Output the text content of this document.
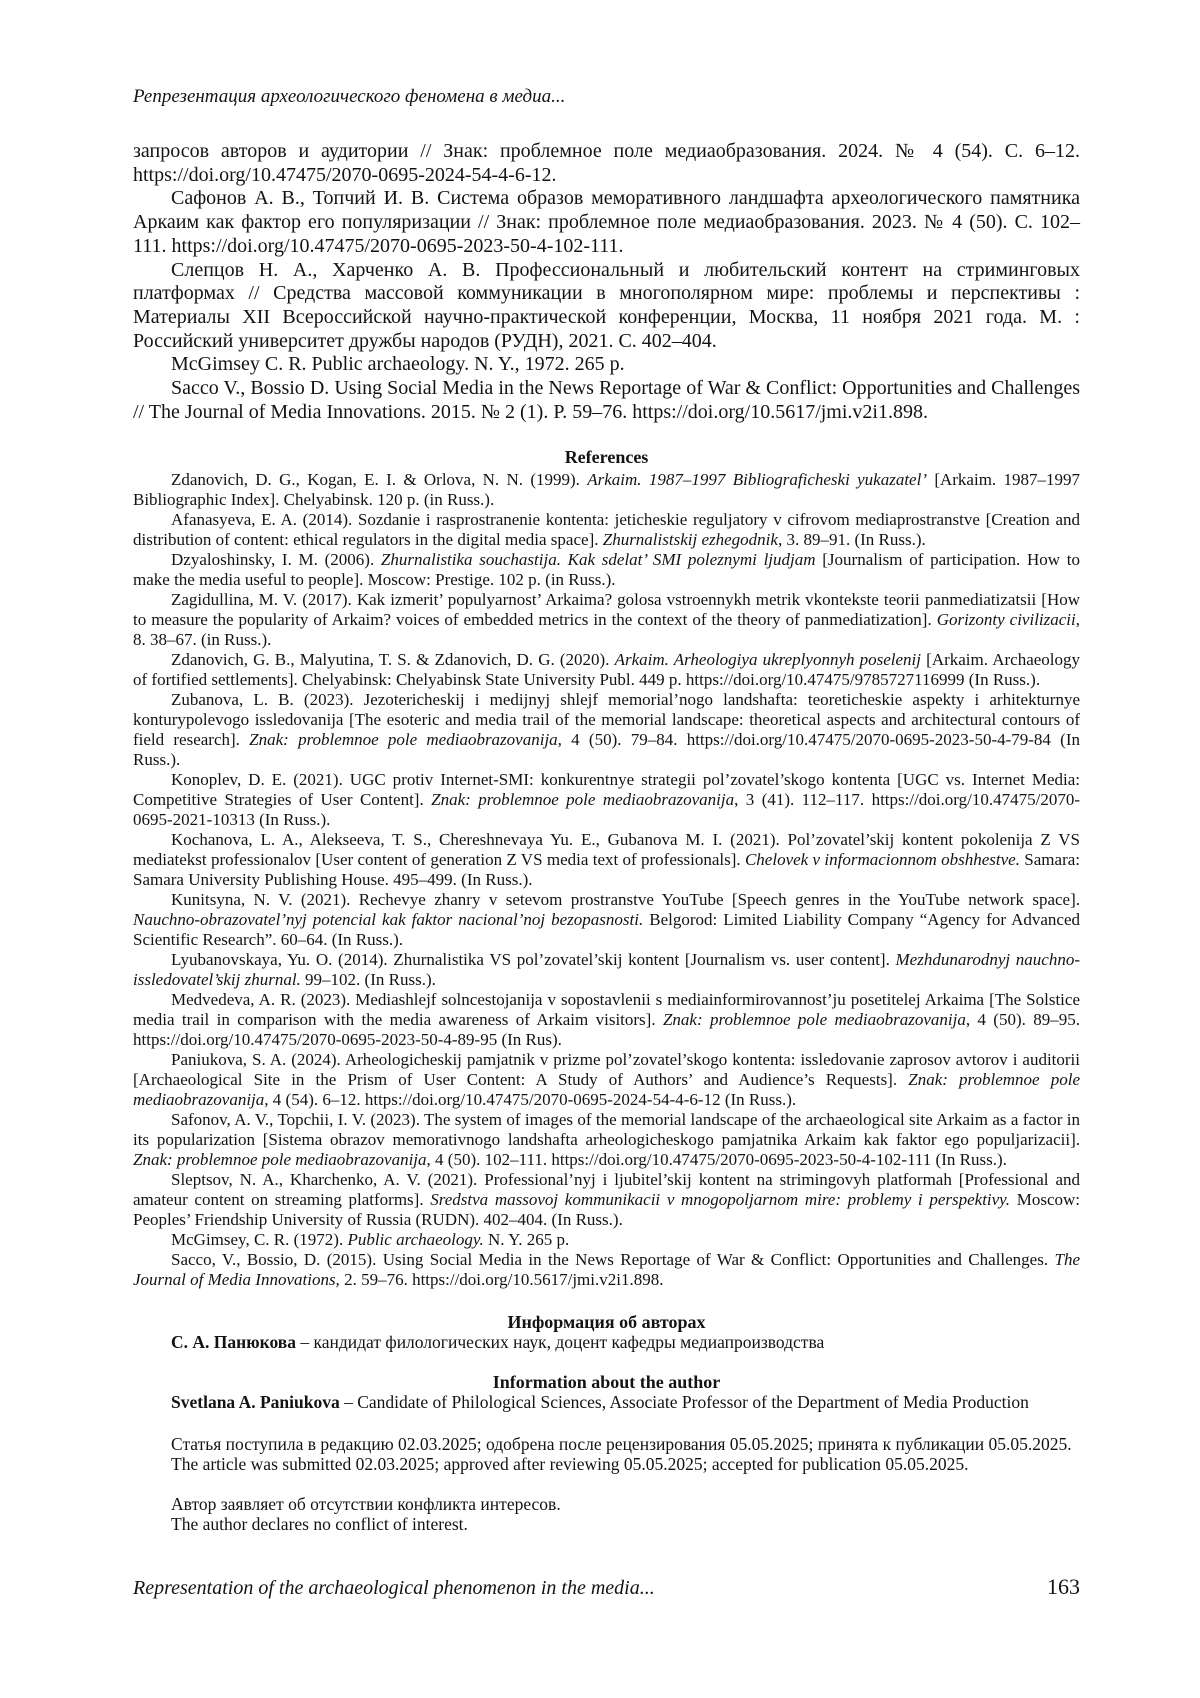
Репрезентация археологического феномена в медиа...

запросов авторов и аудитории // Знак: проблемное поле медиаобразования. 2024. № 4 (54). С. 6–12. https://doi.org/10.47475/2070-0695-2024-54-4-6-12.

Сафонов А. В., Топчий И. В. Система образов меморативного ландшафта археологического памятника Аркаим как фактор его популяризации // Знак: проблемное поле медиаобразования. 2023. № 4 (50). С. 102–111. https://doi.org/10.47475/2070-0695-2023-50-4-102-111.

Слепцов Н. А., Харченко А. В. Профессиональный и любительский контент на стриминговых платформах // Средства массовой коммуникации в многополярном мире: проблемы и перспективы : Материалы XII Всероссийской научно-практической конференции, Москва, 11 ноября 2021 года. М. : Российский университет дружбы народов (РУДН), 2021. С. 402–404.

McGimsey C. R. Public archaeology. N. Y., 1972. 265 p.

Sacco V., Bossio D. Using Social Media in the News Reportage of War & Conflict: Opportunities and Challenges // The Journal of Media Innovations. 2015. № 2 (1). P. 59–76. https://doi.org/10.5617/jmi.v2i1.898.

References

Zdanovich, D. G., Kogan, E. I. & Orlova, N. N. (1999). Arkaim. 1987–1997 Bibliograficheski yukazatel’ [Arkaim. 1987–1997 Bibliographic Index]. Chelyabinsk. 120 p. (in Russ.).

Afanasyeva, E. A. (2014). Sozdanie i rasprostranenie kontenta: jeticheskie reguljatory v cifrovom mediaprostranstve [Creation and distribution of content: ethical regulators in the digital media space]. Zhurnalistskij ezhegodnik, 3. 89–91. (In Russ.).

Dzyaloshinsky, I. M. (2006). Zhurnalistika souchastija. Kak sdelat’ SMI poleznymi ljudjam [Journalism of participation. How to make the media useful to people]. Moscow: Prestige. 102 p. (in Russ.).

Zagidullina, M. V. (2017). Kak izmerit’ populyarnost’ Arkaima? golosa vstroennykh metrik vkontekste teorii panmediatizatsii [How to measure the popularity of Arkaim? voices of embedded metrics in the context of the theory of panmediatization]. Gorizonty civilizacii, 8. 38–67. (in Russ.).

Zdanovich, G. B., Malyutina, T. S. & Zdanovich, D. G. (2020). Arkaim. Arheologiya ukreplyonnyh poselenij [Arkaim. Archaeology of fortified settlements]. Chelyabinsk: Chelyabinsk State University Publ. 449 p. https://doi.org/10.47475/9785727116999 (In Russ.).

Zubanova, L. B. (2023). Jezotericheskij i medijnyj shlejf memorial’nogo landshafta: teoreticheskie aspekty i arhitekturnye konturypolevogo issledovanija [The esoteric and media trail of the memorial landscape: theoretical aspects and architectural contours of field research]. Znak: problemnoe pole mediaobrazovanija, 4 (50). 79–84. https://doi.org/10.47475/2070-0695-2023-50-4-79-84 (In Russ.).

Konoplev, D. E. (2021). UGC protiv Internet-SMI: konkurentnye strategii pol’zovatel’skogo kontenta [UGC vs. Internet Media: Competitive Strategies of User Content]. Znak: problemnoe pole mediaobrazovanija, 3 (41). 112–117. https://doi.org/10.47475/2070-0695-2021-10313 (In Russ.).

Kochanova, L. A., Alekseeva, T. S., Chereshnevaya Yu. E., Gubanova M. I. (2021). Pol’zovatel’skij kontent pokolenija Z VS mediatekst professionalov [User content of generation Z VS media text of professionals]. Chelovek v informacionnom obshhestve. Samara: Samara University Publishing House. 495–499. (In Russ.).

Kunitsyna, N. V. (2021). Rechevye zhanry v setevom prostranstve YouTube [Speech genres in the YouTube network space]. Nauchno-obrazovatel’nyj potencial kak faktor nacional’noj bezopasnosti. Belgorod: Limited Liability Company “Agency for Advanced Scientific Research”. 60–64. (In Russ.).

Lyubanovskaya, Yu. O. (2014). Zhurnalistika VS pol’zovatel’skij kontent [Journalism vs. user content]. Mezhdunarodnyj nauchno-issledovatel’skij zhurnal. 99–102. (In Russ.).

Medvedeva, A. R. (2023). Mediashlejf solncestojanija v sopostavlenii s mediainformirovannost’ju posetitelej Arkaima [The Solstice media trail in comparison with the media awareness of Arkaim visitors]. Znak: problemnoe pole mediaobrazovanija, 4 (50). 89–95. https://doi.org/10.47475/2070-0695-2023-50-4-89-95 (In Rus).

Paniukova, S. A. (2024). Arheologicheskij pamjatnik v prizme pol’zovatel’skogo kontenta: issledovanie zaprosov avtorov i auditorii [Archaeological Site in the Prism of User Content: A Study of Authors’ and Audience’s Requests]. Znak: problemnoe pole mediaobrazovanija, 4 (54). 6–12. https://doi.org/10.47475/2070-0695-2024-54-4-6-12 (In Russ.).

Safonov, A. V., Topchii, I. V. (2023). The system of images of the memorial landscape of the archaeological site Arkaim as a factor in its popularization [Sistema obrazov memorativnogo landshafta arheologicheskogo pamjatnika Arkaim kak faktor ego populjarizacii]. Znak: problemnoe pole mediaobrazovanija, 4 (50). 102–111. https://doi.org/10.47475/2070-0695-2023-50-4-102-111 (In Russ.).

Sleptsov, N. A., Kharchenko, A. V. (2021). Professional’nyj i ljubitel’skij kontent na strimingovyh platformah [Professional and amateur content on streaming platforms]. Sredstva massovoj kommunikacii v mnogopoljarnom mire: problemy i perspektivy. Moscow: Peoples’ Friendship University of Russia (RUDN). 402–404. (In Russ.).

McGimsey, C. R. (1972). Public archaeology. N. Y. 265 p.

Sacco, V., Bossio, D. (2015). Using Social Media in the News Reportage of War & Conflict: Opportunities and Challenges. The Journal of Media Innovations, 2. 59–76. https://doi.org/10.5617/jmi.v2i1.898.

Информация об авторах

С. А. Панюкова – кандидат филологических наук, доцент кафедры медиапроизводства

Information about the author

Svetlana A. Paniukova – Candidate of Philological Sciences, Associate Professor of the Department of Media Production

Статья поступила в редакцию 02.03.2025; одобрена после рецензирования 05.05.2025; принята к публикации 05.05.2025.

The article was submitted 02.03.2025; approved after reviewing 05.05.2025; accepted for publication 05.05.2025.

Автор заявляет об отсутствии конфликта интересов.

The author declares no conflict of interest.

Representation of the archaeological phenomenon in the media...	163
